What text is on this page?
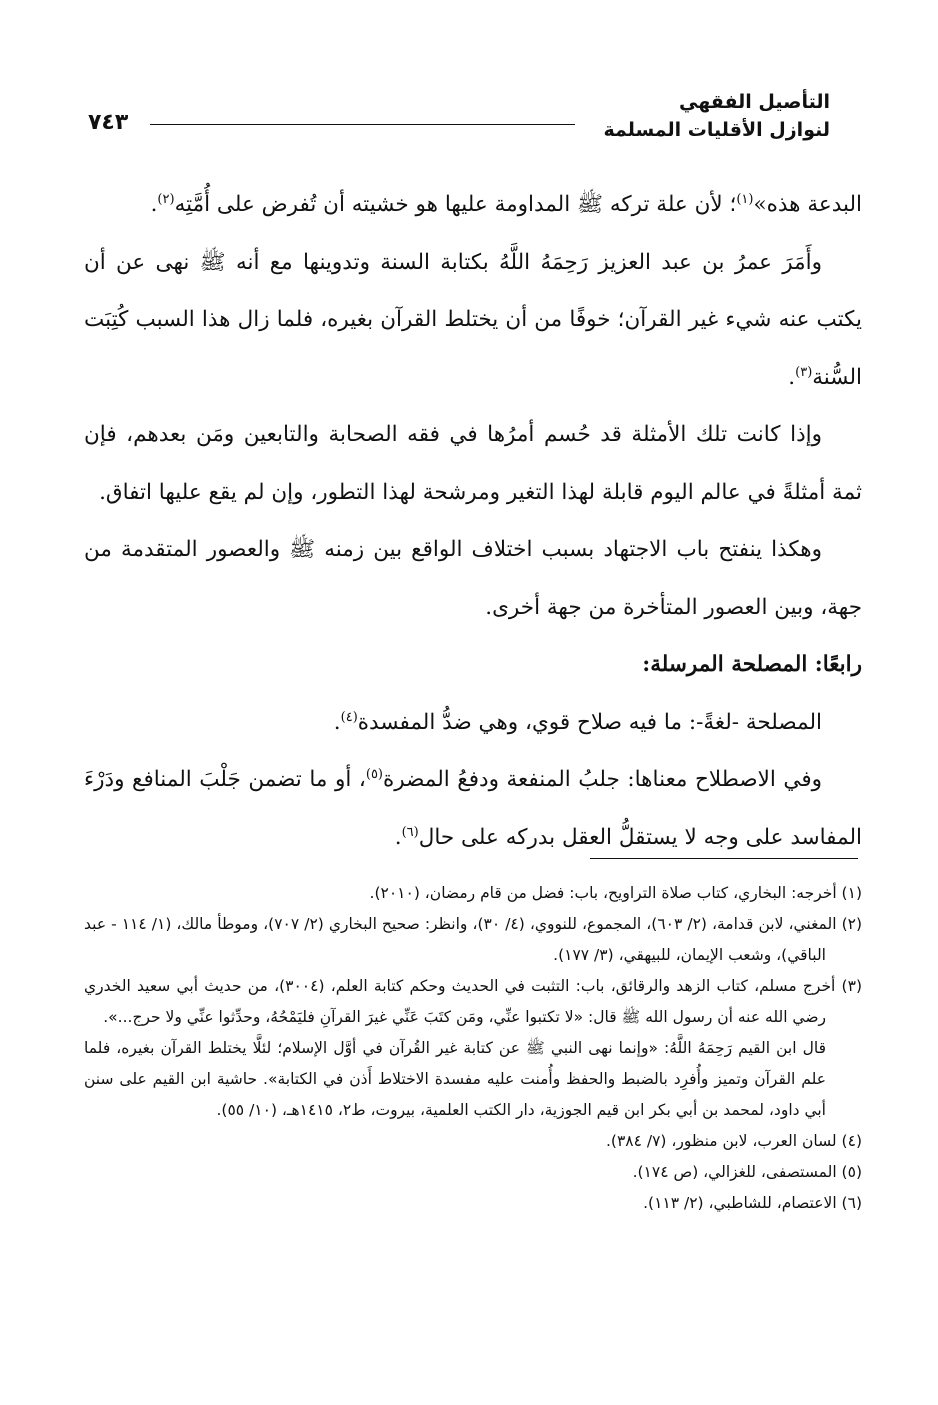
التأصيل الفقهي
لنوازل الأقليات المسلمة
٧٤٣

البدعة هذه»$^{(١)}$؛ لأن علة تركه ﷺ المداومة عليها هو خشيته أن تُفرض على أُمَّتِه$^{(٢)}$.

وأَمَرَ عمرُ بن عبد العزيز رَحِمَهُ اللَّهُ بكتابة السنة وتدوينها مع أنه ﷺ نهى عن أن يكتب عنه شيء غير القرآن؛ خوفًا من أن يختلط القرآن بغيره، فلما زال هذا السبب كُتِبَت السُّنة$^{(٣)}$.

وإذا كانت تلك الأمثلة قد حُسم أمرُها في فقه الصحابة والتابعين ومَن بعدهم، فإن ثمة أمثلةً في عالم اليوم قابلة لهذا التغير ومرشحة لهذا التطور، وإن لم يقع عليها اتفاق.

وهكذا ينفتح باب الاجتهاد بسبب اختلاف الواقع بين زمنه ﷺ والعصور المتقدمة من جهة، وبين العصور المتأخرة من جهة أخرى.

رابعًا: المصلحة المرسلة:

المصلحة -لغةً-: ما فيه صلاح قوي، وهي ضدُّ المفسدة$^{(٤)}$.

وفي الاصطلاح معناها: جلبُ المنفعة ودفعُ المضرة$^{(٥)}$، أو ما تضمن جَلْبَ المنافع ودَرْءَ المفاسد على وجه لا يستقلُّ العقل بدركه على حال$^{(٦)}$.

(١) أخرجه: البخاري، كتاب صلاة التراويح، باب: فضل من قام رمضان، (٢٠١٠).

(٢) المغني، لابن قدامة، (٢/ ٦٠٣)، المجموع، للنووي، (٤/ ٣٠)، وانظر: صحيح البخاري (٢/ ٧٠٧)، وموطأ مالك، (١/ ١١٤ - عبد الباقي)، وشعب الإيمان، للبيهقي، (٣/ ١٧٧).

(٣) أخرج مسلم، كتاب الزهد والرقائق، باب: التثبت في الحديث وحكم كتابة العلم، (٣٠٠٤)، من حديث أبي سعيد الخدري رضي الله عنه أن رسول الله ﷺ قال: «لا تكتبوا عنِّي، ومَن كتَبَ عَنِّي غيرَ القرآنِ فليَمْحُهُ، وحدِّثوا عنِّي ولا حرج...».

قال ابن القيم رَحِمَهُ اللَّهُ: «وإنما نهى النبي ﷺ عن كتابة غير القُرآن في أوَّل الإسلام؛ لئلَّا يختلط القرآن بغيره، فلما علم القرآن وتميز وأُفرِد بالضبط والحفظ وأُمنت عليه مفسدة الاختلاط أَذن في الكتابة». حاشية ابن القيم على سنن أبي داود، لمحمد بن أبي بكر ابن قيم الجوزية، دار الكتب العلمية، بيروت، ط٢، ١٤١٥هـ، (١٠/ ٥٥).

(٤) لسان العرب، لابن منظور، (٧/ ٣٨٤).

(٥) المستصفى، للغزالي، (ص ١٧٤).

(٦) الاعتصام، للشاطبي، (٢/ ١١٣).
